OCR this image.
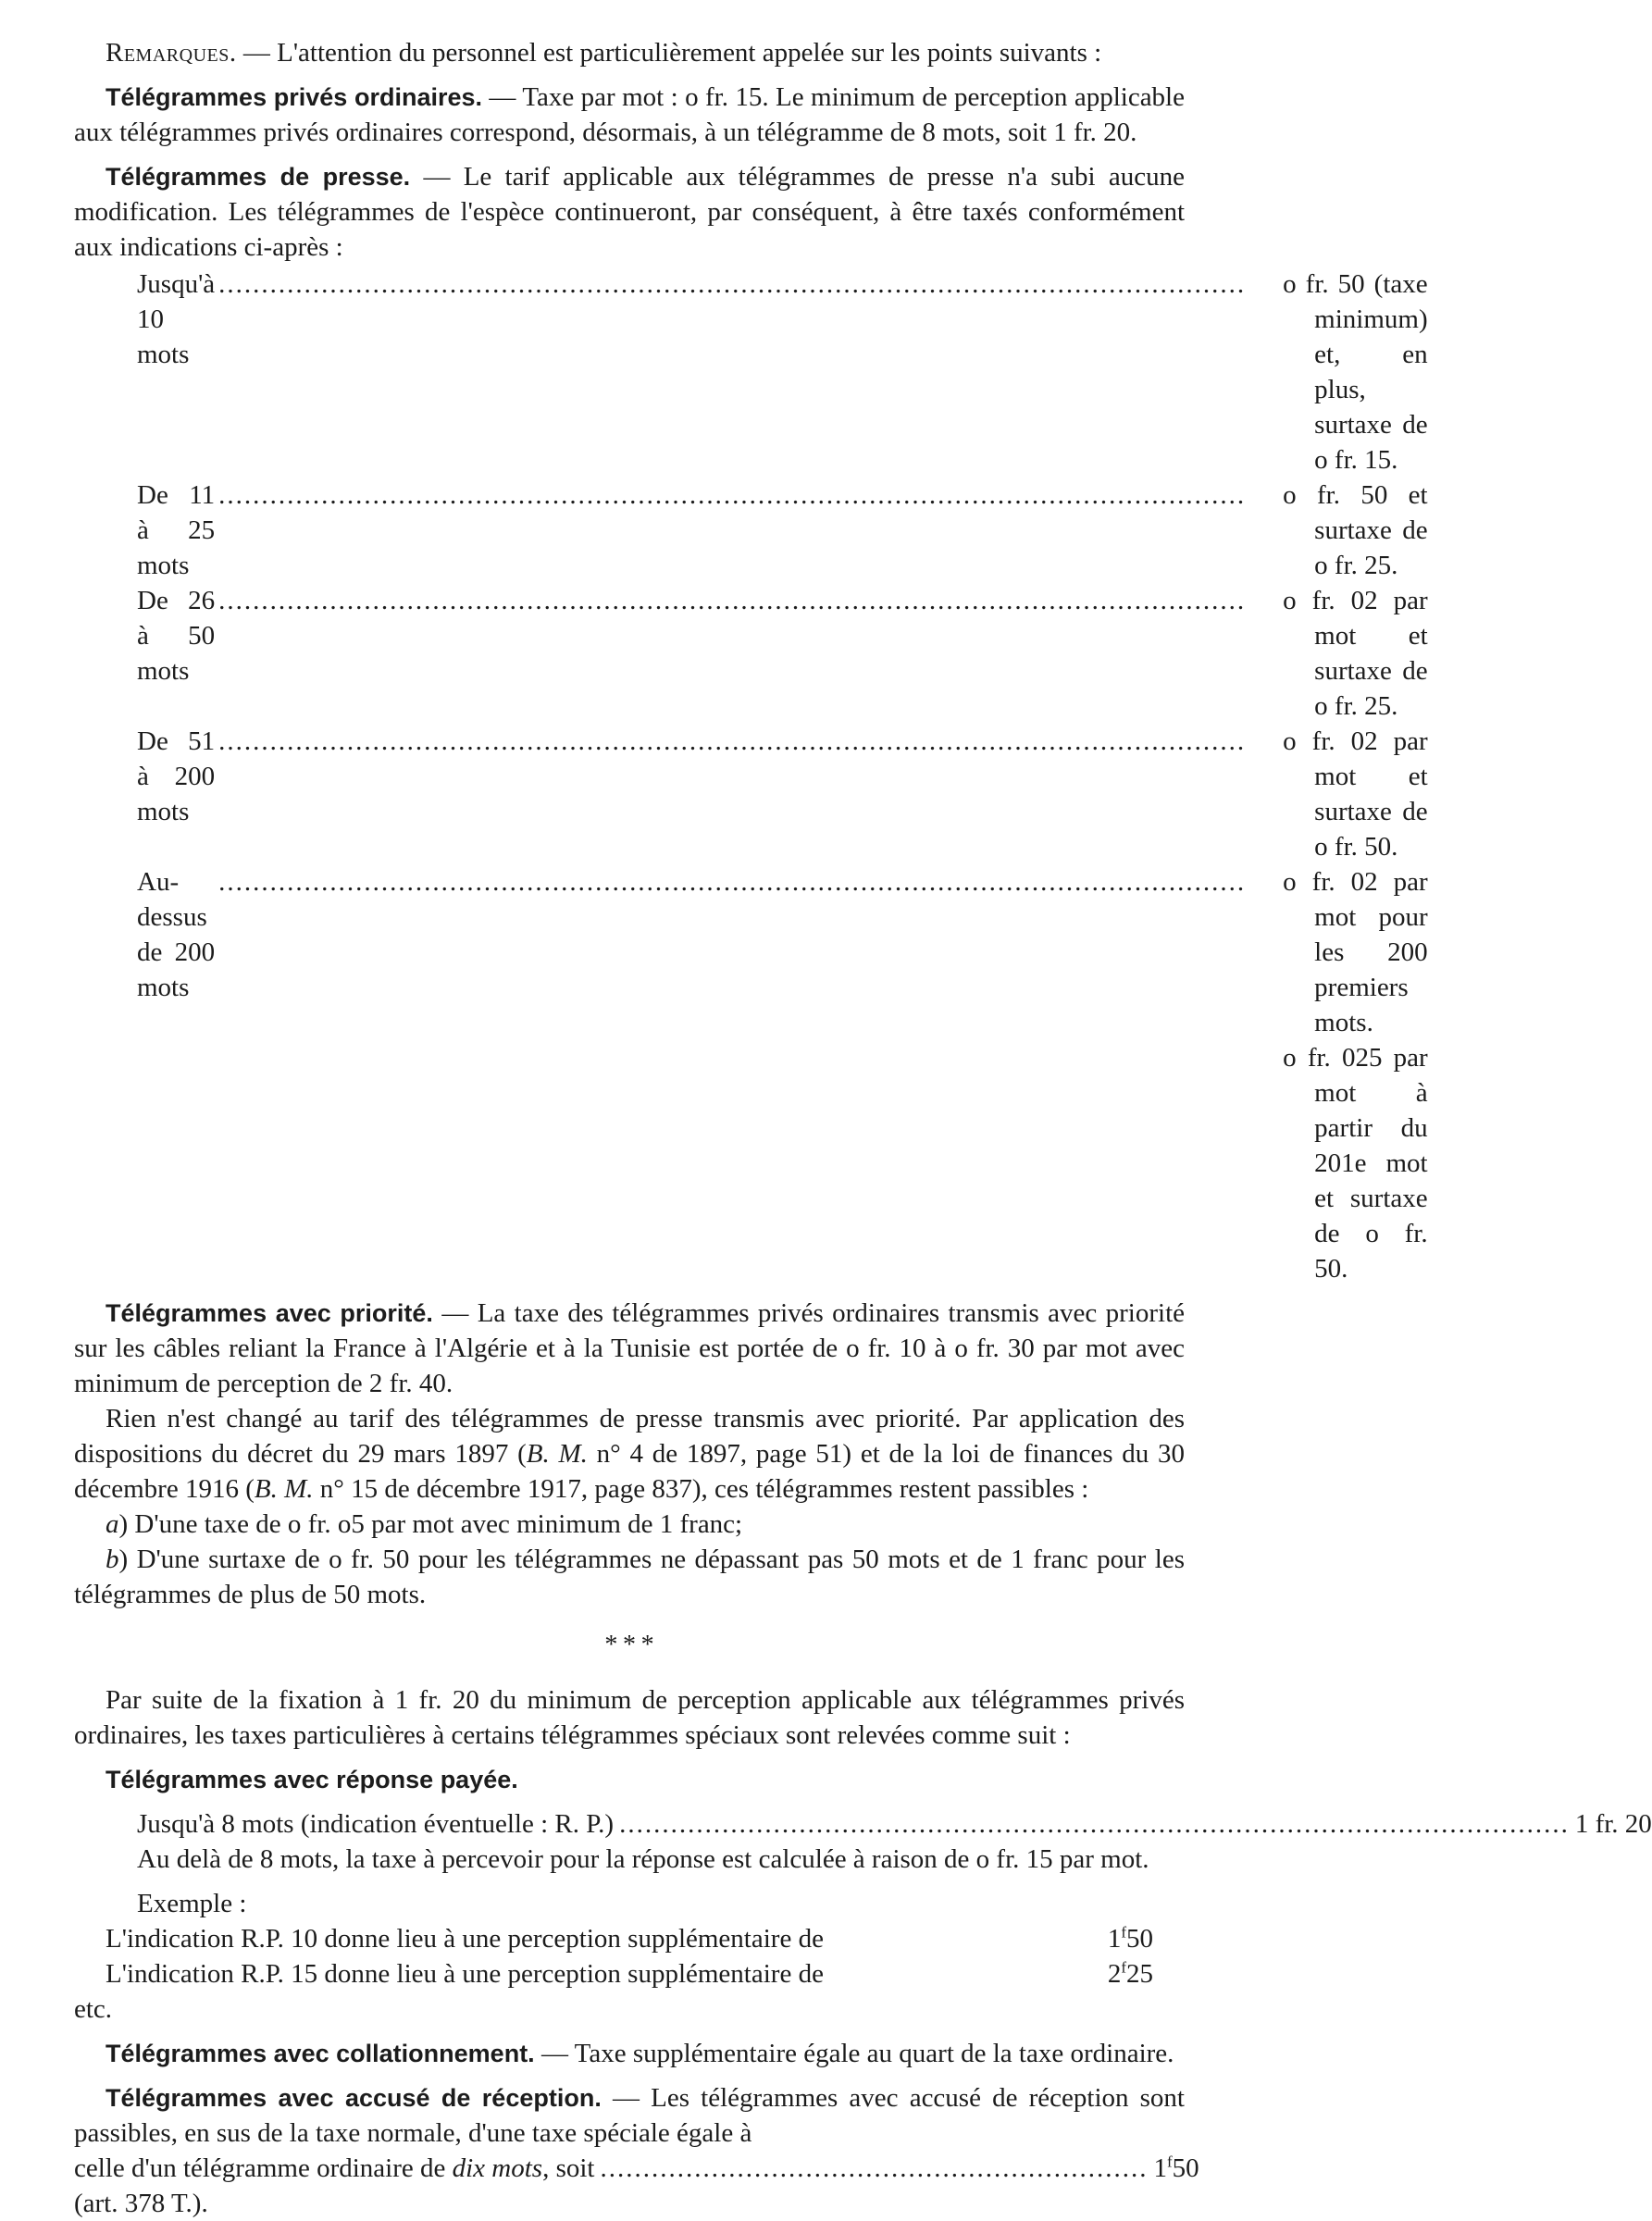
Remarques. — L'attention du personnel est particulièrement appelée sur les points suivants :

Télégrammes privés ordinaires. — Taxe par mot : o fr. 15. Le minimum de perception applicable aux télégrammes privés ordinaires correspond, désormais, à un télégramme de 8 mots, soit 1 fr. 20.

Télégrammes de presse. — Le tarif applicable aux télégrammes de presse n'a subi aucune modification. Les télégrammes de l'espèce continueront, par conséquent, à être taxés conformément aux indications ci-après :

Jusqu'à 10 mots
.....	o fr. 50 (taxe minimum) et, en plus, surtaxe de o fr. 15.

De 11 à 25 mots
.....	o fr. 50 et surtaxe de o fr. 25.

De 26 à 50 mots
.....	o fr. 02 par mot et surtaxe de o fr. 25.

De 51 à 200 mots
.....	o fr. 02 par mot et surtaxe de o fr. 50.

Au-dessus de 200 mots
.....	o fr. 02 par mot pour les 200 premiers mots.
o fr. 025 par mot à partir du 201e mot et surtaxe de o fr. 50.

Télégrammes avec priorité. — La taxe des télégrammes privés ordinaires transmis avec priorité sur les câbles reliant la France à l'Algérie et à la Tunisie est portée de o fr. 10 à o fr. 30 par mot avec minimum de perception de 2 fr. 40.

Rien n'est changé au tarif des télégrammes de presse transmis avec priorité. Par application des dispositions du décret du 29 mars 1897 (B. M. n° 4 de 1897, page 51) et de la loi de finances du 30 décembre 1916 (B. M. n° 15 de décembre 1917, page 837), ces télégrammes restent passibles :

a) D'une taxe de o fr. o5 par mot avec minimum de 1 franc;

b) D'une surtaxe de o fr. 50 pour les télégrammes ne dépassant pas 50 mots et de 1 franc pour les télégrammes de plus de 50 mots.

* * *

Par suite de la fixation à 1 fr. 20 du minimum de perception applicable aux télégrammes privés ordinaires, les taxes particulières à certains télégrammes spéciaux sont relevées comme suit :

Télégrammes avec réponse payée.

Jusqu'à 8 mots (indication éventuelle : R. P.) .....	1 fr. 20

Au delà de 8 mots, la taxe à percevoir pour la réponse est calculée à raison de o fr. 15 par mot.

Exemple :

L'indication R.P. 10 donne lieu à une perception supplémentaire de	1$^f$50
L'indication R.P. 15 donne lieu à une perception supplémentaire de	2$^f$25

etc.

Télégrammes avec collationnement. — Taxe supplémentaire égale au quart de la taxe ordinaire.

Télégrammes avec accusé de réception. — Les télégrammes avec accusé de réception sont passibles, en sus de la taxe normale, d'une taxe spéciale égale à

celle d'un télégramme ordinaire de dix mots, soit .....	1$^f$50

(art. 378 T.).
